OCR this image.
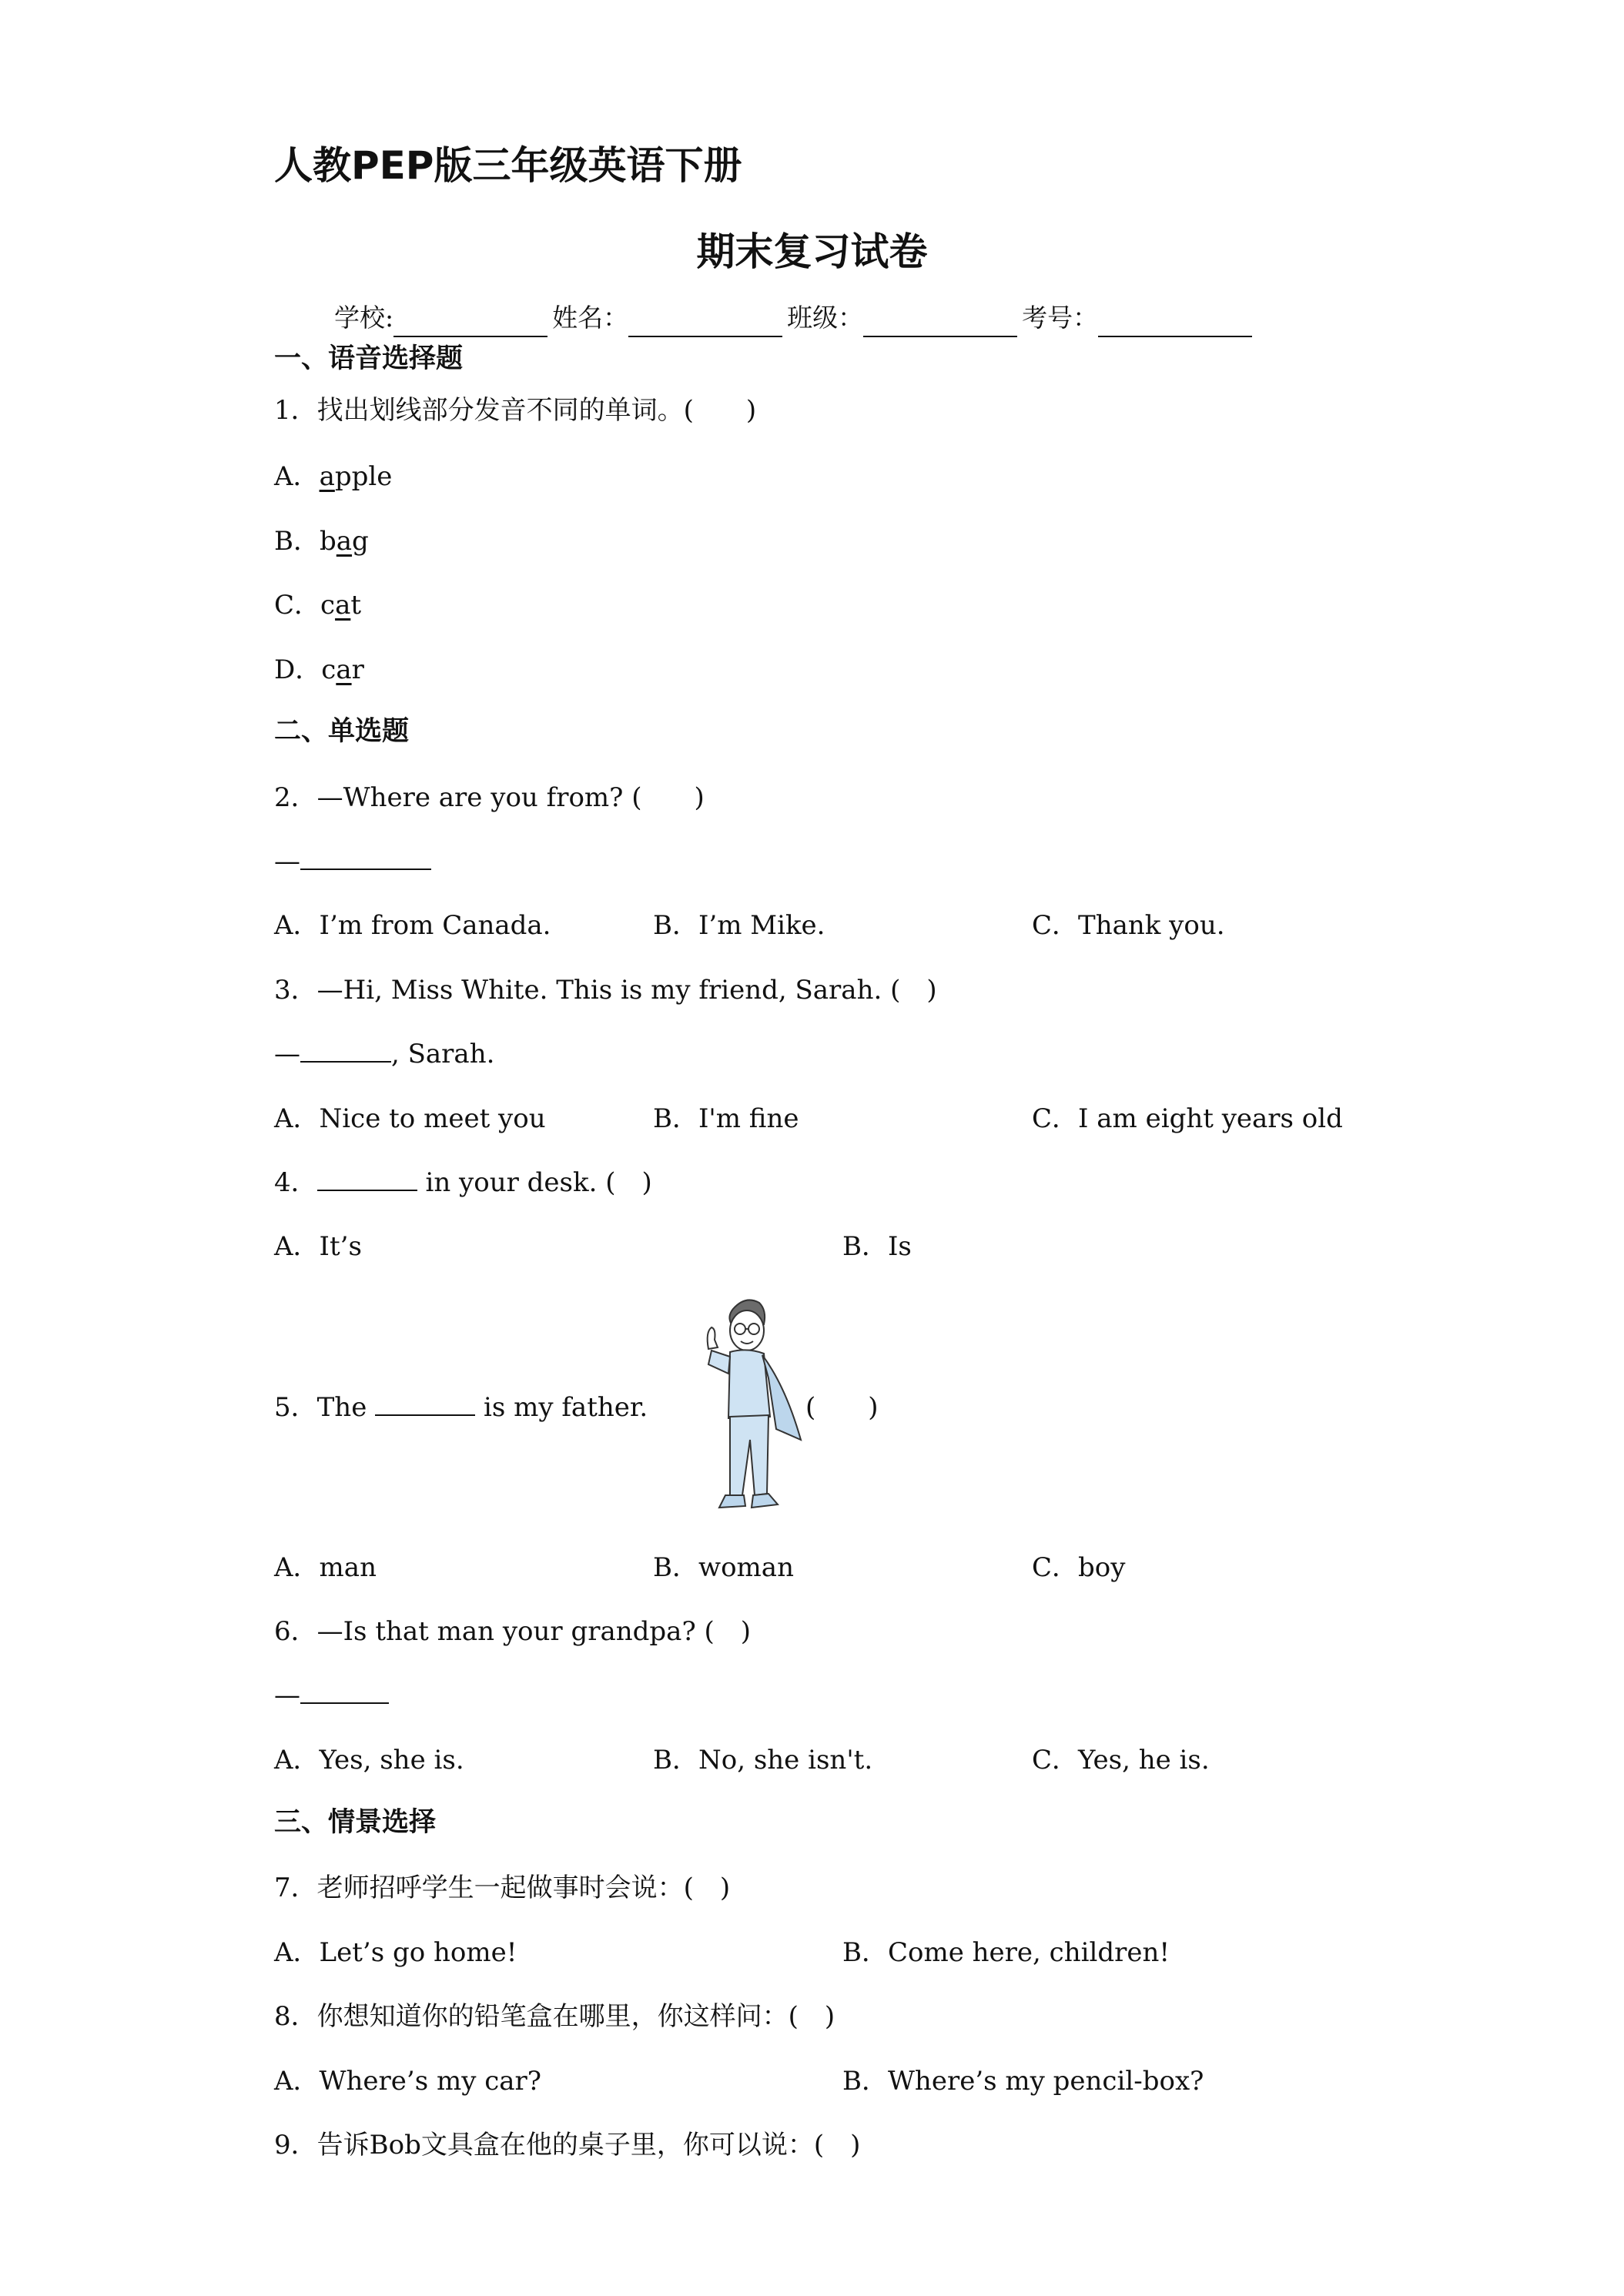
人教PEP版三年级英语下册
期末复习试卷
学校:	姓名：	班级：	考号：
一、语音选择题
1．找出划线部分发音不同的单词。(　　)
A．apple
B．bag
C．cat
D．car
二、单选题
2．—Where are you from? (　　)
—
A．I’m from Canada.	B．I’m Mike.	C．Thank you.
3．—Hi, Miss White. This is my friend, Sarah. (　)
—	, Sarah.
A．Nice to meet you	B．I'm fine	C．I am eight years old
4．	in your desk. (　)
A．It’s	B．Is
5．The	is my father.	(　　)
A．man	B．woman	C．boy
6．—Is that man your grandpa? (　)
—
A．Yes, she is.	B．No, she isn't.	C．Yes, he is.
三、情景选择
7．老师招呼学生一起做事时会说：(　)
A．Let’s go home!	B．Come here, children!
8．你想知道你的铅笔盒在哪里，你这样问：(　)
A．Where’s my car?	B．Where’s my pencil-box?
9．告诉Bob文具盒在他的桌子里，你可以说：(　)
